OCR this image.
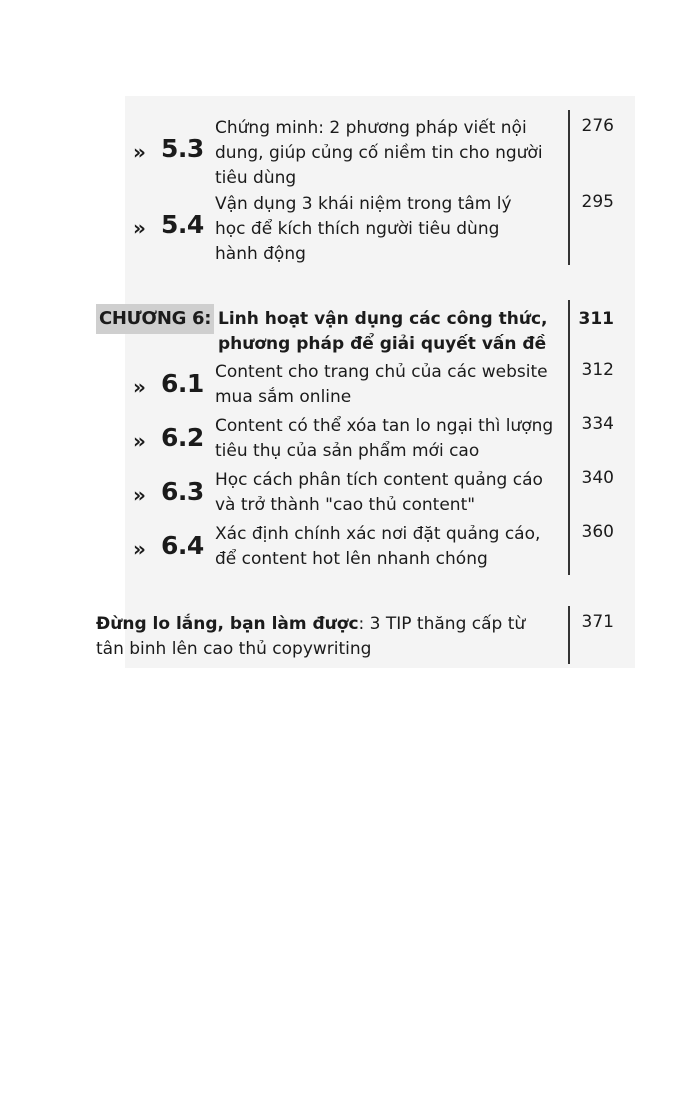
» 5.3
Chứng minh: 2 phương pháp viết nội
dung, giúp củng cố niềm tin cho người
tiêu dùng
276
» 5.4
Vận dụng 3 khái niệm trong tâm lý
học để kích thích người tiêu dùng
hành động
295
CHƯƠNG 6: Linh hoạt vận dụng các công thức,
phương pháp để giải quyết vấn đề
311
» 6.1 Content cho trang chủ của các website
mua sắm online
312
» 6.2 Content có thể xóa tan lo ngại thì lượng
tiêu thụ của sản phẩm mới cao
334
» 6.3 Học cách phân tích content quảng cáo
và trở thành "cao thủ content"
340
» 6.4 Xác định chính xác nơi đặt quảng cáo,
để content hot lên nhanh chóng
360
Đừng lo lắng, bạn làm được: 3 TIP thăng cấp từ
tân binh lên cao thủ copywriting
371
